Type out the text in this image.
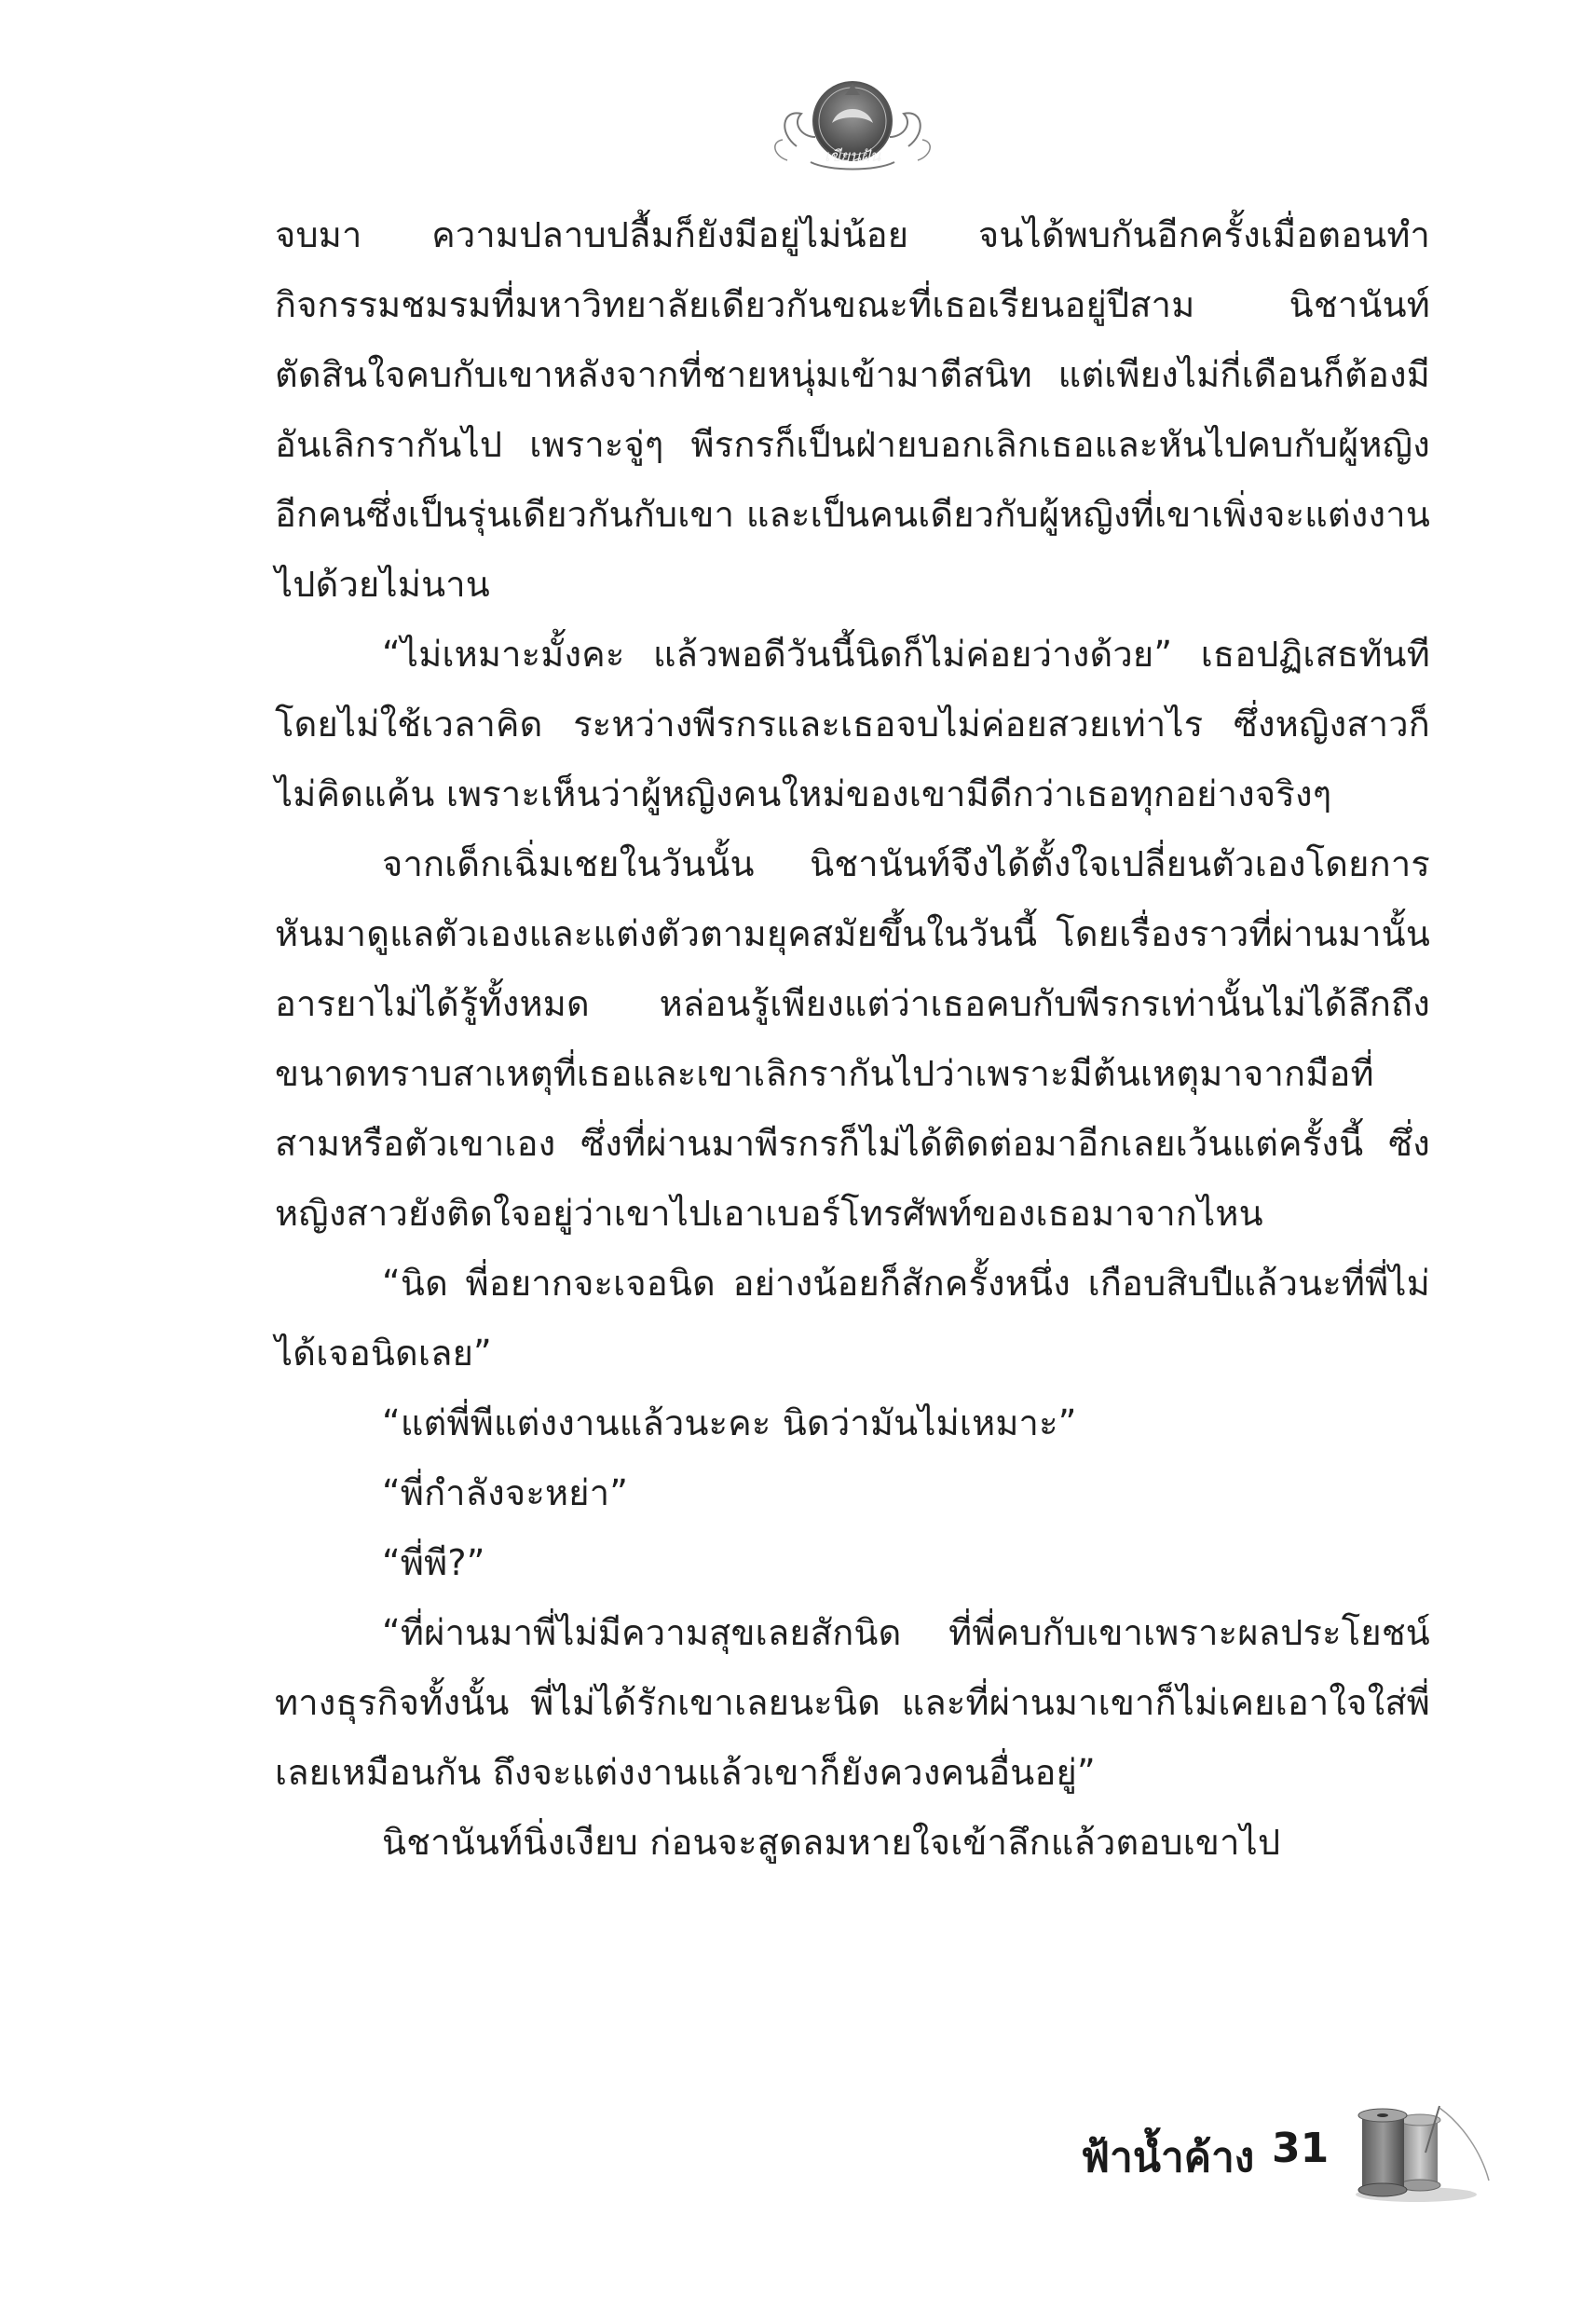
เขียนฝัน

จบมา ความปลาบปลื้มก็ยังมีอยู่ไม่น้อย จนได้พบกันอีกครั้งเมื่อตอนทำกิจกรรมชมรมที่มหาวิทยาลัยเดียวกันขณะที่เธอเรียนอยู่ปีสาม นิชานันท์ตัดสินใจคบกับเขาหลังจากที่ชายหนุ่มเข้ามาตีสนิท แต่เพียงไม่กี่เดือนก็ต้องมีอันเลิกรากันไป เพราะจู่ๆ พีรกรก็เป็นฝ่ายบอกเลิกเธอและหันไปคบกับผู้หญิงอีกคนซึ่งเป็นรุ่นเดียวกันกับเขา และเป็นคนเดียวกับผู้หญิงที่เขาเพิ่งจะแต่งงานไปด้วยไม่นาน

“ไม่เหมาะมั้งคะ แล้วพอดีวันนี้นิดก็ไม่ค่อยว่างด้วย” เธอปฏิเสธทันทีโดยไม่ใช้เวลาคิด ระหว่างพีรกรและเธอจบไม่ค่อยสวยเท่าไร ซึ่งหญิงสาวก็ไม่คิดแค้น เพราะเห็นว่าผู้หญิงคนใหม่ของเขามีดีกว่าเธอทุกอย่างจริงๆ

จากเด็กเฉิ่มเชยในวันนั้น นิชานันท์จึงได้ตั้งใจเปลี่ยนตัวเองโดยการหันมาดูแลตัวเองและแต่งตัวตามยุคสมัยขึ้นในวันนี้ โดยเรื่องราวที่ผ่านมานั้นอารยาไม่ได้รู้ทั้งหมด หล่อนรู้เพียงแต่ว่าเธอคบกับพีรกรเท่านั้นไม่ได้ลึกถึงขนาดทราบสาเหตุที่เธอและเขาเลิกรากันไปว่าเพราะมีต้นเหตุมาจากมือที่สามหรือตัวเขาเอง ซึ่งที่ผ่านมาพีรกรก็ไม่ได้ติดต่อมาอีกเลยเว้นแต่ครั้งนี้ ซึ่งหญิงสาวยังติดใจอยู่ว่าเขาไปเอาเบอร์โทรศัพท์ของเธอมาจากไหน

“นิด พี่อยากจะเจอนิด อย่างน้อยก็สักครั้งหนึ่ง เกือบสิบปีแล้วนะที่พี่ไม่ได้เจอนิดเลย”

“แต่พี่พีแต่งงานแล้วนะคะ นิดว่ามันไม่เหมาะ”

“พี่กำลังจะหย่า”

“พี่พี?”

“ที่ผ่านมาพี่ไม่มีความสุขเลยสักนิด ที่พี่คบกับเขาเพราะผลประโยชน์ทางธุรกิจทั้งนั้น พี่ไม่ได้รักเขาเลยนะนิด และที่ผ่านมาเขาก็ไม่เคยเอาใจใส่พี่เลยเหมือนกัน ถึงจะแต่งงานแล้วเขาก็ยังควงคนอื่นอยู่”

นิชานันท์นิ่งเงียบ ก่อนจะสูดลมหายใจเข้าลึกแล้วตอบเขาไป

ฟ้าน้ำค้าง 31
